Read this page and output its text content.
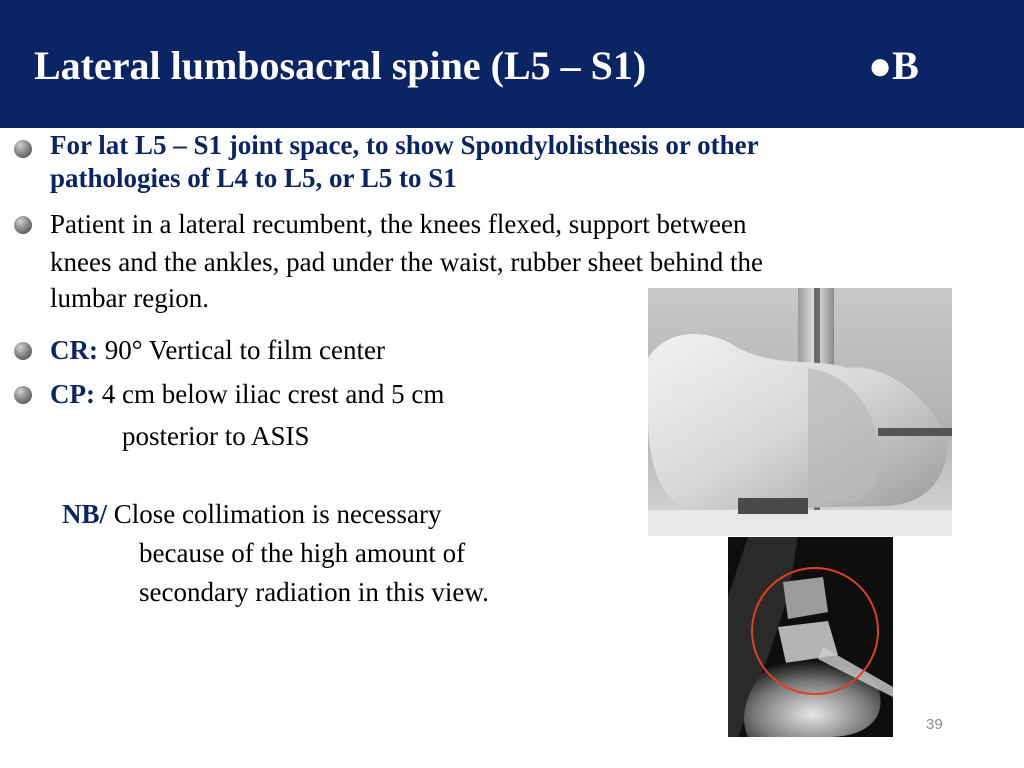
Lateral lumbosacral spine (L5 – S1)	●B
For lat L5 – S1 joint space, to show Spondylolisthesis or other
pathologies of L4 to L5, or L5 to S1
Patient in a lateral recumbent, the knees flexed, support between
knees and the ankles, pad under the waist, rubber sheet behind the
lumbar region.
CR: 90° Vertical to film center
CP: 4 cm below iliac crest and 5 cm
posterior to ASIS
NB/ Close collimation is necessary
because of the high amount of
secondary radiation in this view.
39
